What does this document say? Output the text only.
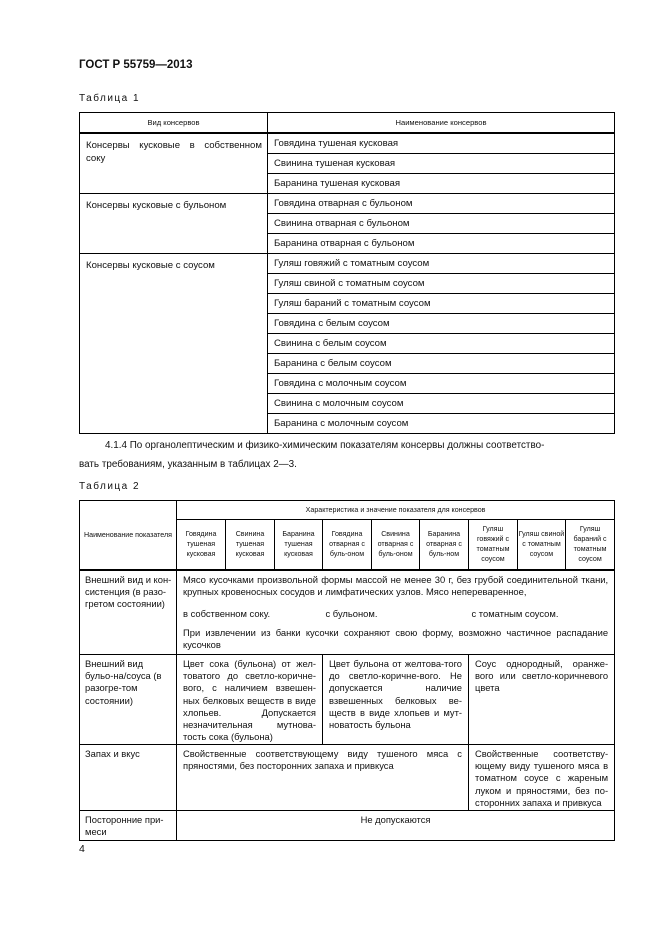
ГОСТ Р 55759—2013
Таблица 1
Вид консервов	Наименование консервов
Консервы кусковые в собственном соку	Говядина тушеная кусковая
	Свинина тушеная кусковая
	Баранина тушеная кусковая
Консервы кусковые с бульоном	Говядина отварная с бульоном
	Свинина отварная с бульоном
	Баранина отварная с бульоном
Консервы кусковые с соусом	Гуляш говяжий с томатным соусом
	Гуляш свиной с томатным соусом
	Гуляш бараний с томатным соусом
	Говядина с белым соусом
	Свинина с белым соусом
	Баранина с белым соусом
	Говядина с молочным соусом
	Свинина с молочным соусом
	Баранина с молочным соусом
4.1.4 По органолептическим и физико-химическим показателям консервы должны соответство-
вать требованиям, указанным в таблицах 2—3.
Таблица 2
Наименование показателя	Характеристика и значение показателя для консервов								
	Говядина тушеная кусковая	Свинина тушеная кусковая	Баранина тушеная кусковая	Говядина отварная с буль-оном	Свинина отварная с буль-оном	Баранина отварная с буль-ном	Гуляш говяжий с томатным соусом	Гуляш свиной с томатным соусом	Гуляш бараний с томатным соусом
Внешний вид и кон-систенция (в разо-гретом состоянии)	Мясо кусочками произвольной формы массой не менее 30 г, без грубой соединительной ткани, крупных кровеносных сосудов и лимфатических узлов. Мясо неперевареннoе,								
	в собственном соку.			с бульоном.			с томатным соусом.		
	При извлечении из банки кусочки сохраняют свою форму, возможно частичное распадание кусочков								
Внешний вид бульо-на/соуса (в разогре-том состоянии)	Цвет сока (бульона) от жел-товатого до светло-коричне-вого, с наличием взвешен-ных белковых веществ в виде хлопьев. Допускается незначительная мутнова-тость сока (бульона)			Цвет бульона от желтова-того до светло-коричне-вого. Не допускается наличие взвешенных белковых ве-ществ в виде хлопьев и мут-новатость бульона			Соус однородный, оранже-вого или светло-коричневого цвета		
Запах и вкус	Свойственные соответствующему виду тушеного мяса с пряностями, без посторонних запаха и привкуса						Свойственные соответству-ющему виду тушеного мяса в томатном соусе с жареным луком и пряностями, без по-сторонних запаха и привкуса		
Посторонние при-меси	Не допускаются								
4
